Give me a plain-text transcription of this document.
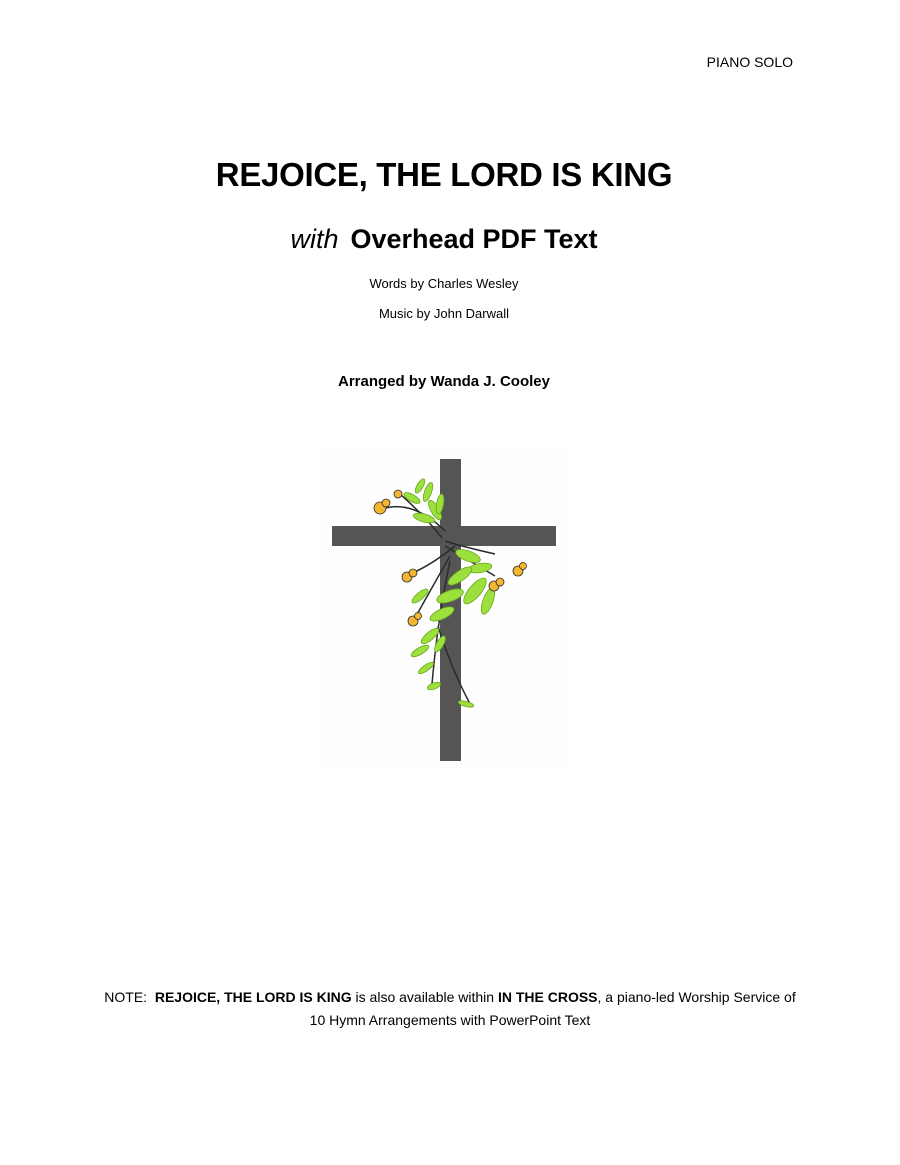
PIANO SOLO
REJOICE, THE LORD IS KING
with Overhead PDF Text
Words by Charles Wesley
Music by John Darwall
Arranged by Wanda J. Cooley
NOTE:  REJOICE, THE LORD IS KING is also available within IN THE CROSS, a piano-led Worship Service of
10 Hymn Arrangements with PowerPoint Text
